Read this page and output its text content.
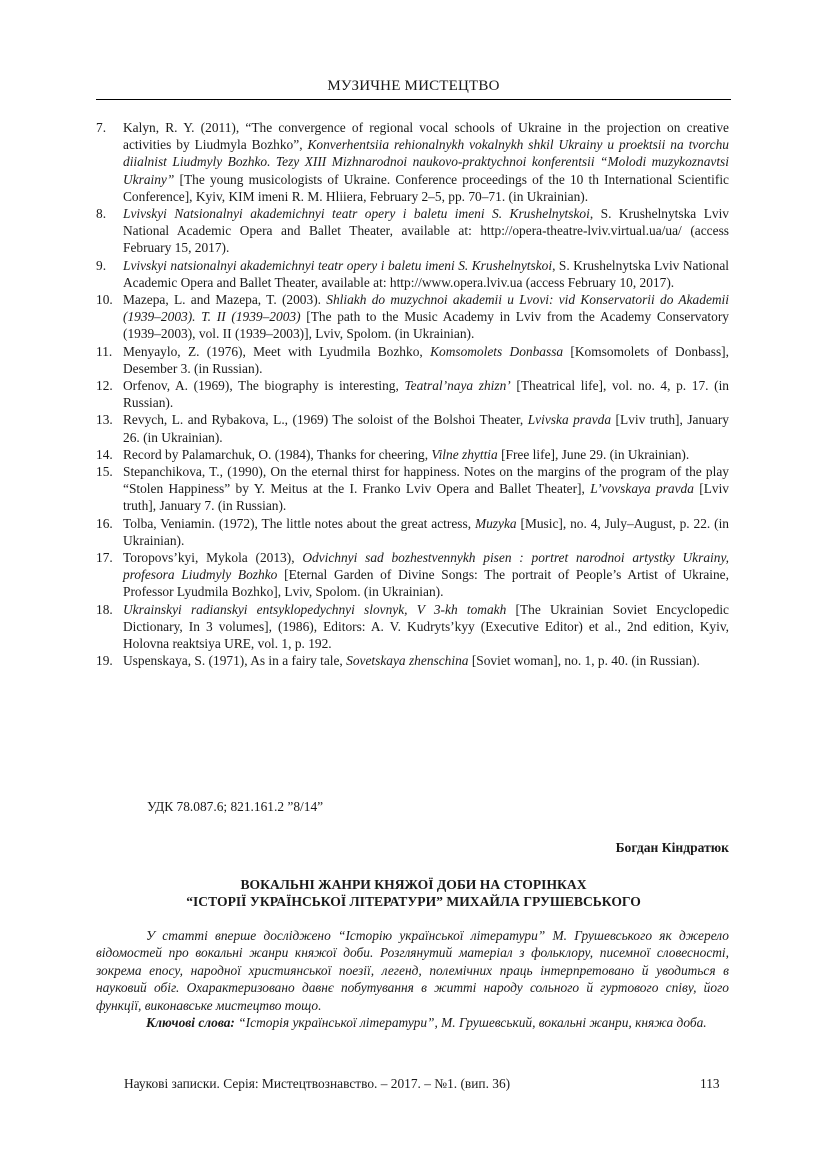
МУЗИЧНЕ МИСТЕЦТВО
7.	Kalyn, R. Y. (2011), “The convergence of regional vocal schools of Ukraine in the projection on creative activities by Liudmyla Bozhko”, Konverhentsiia rehionalnykh vokalnykh shkil Ukrainy u proektsii na tvorchu diialnist Liudmyly Bozhko. Tezy XIII Mizhnarodnoi naukovo-praktychnoi konferentsii “Molodi muzykoznavtsi Ukrainy” [The young musicologists of Ukraine. Conference proceedings of the 10 th International Scientific Conference], Kyiv, KIM imeni R. M. Hliiera, February 2–5, pp. 70–71. (in Ukrainian).
8.	Lvivskyi Natsionalnyi akademichnyi teatr opery i baletu imeni S. Krushelnytskoi, S. Krushelnytska Lviv National Academic Opera and Ballet Theater, available at: http://opera-theatre-lviv.virtual.ua/ua/ (access February 15, 2017).
9.	Lvivskyi natsionalnyi akademichnyi teatr opery i baletu imeni S. Krushelnytskoi, S. Krushelnytska Lviv National Academic Opera and Ballet Theater, available at: http://www.opera.lviv.ua (access February 10, 2017).
10. Mazepa, L. and Mazepa, T. (2003). Shliakh do muzychnoi akademii u Lvovi: vid Konservatorii do Akademii (1939–2003). T. II (1939–2003) [The path to the Music Academy in Lviv from the Academy Conservatory (1939–2003), vol. II (1939–2003)], Lviv, Spolom. (in Ukrainian).
11. Menyaylo, Z. (1976), Meet with Lyudmila Bozhko, Komsomolets Donbassa [Komsomolets of Donbass], Desember 3. (in Russian).
12. Orfenov, A. (1969), The biography is interesting, Teatral’naya zhizn’ [Theatrical life], vol. no. 4, p. 17. (in Russian).
13. Revych, L. and Rybakova, L., (1969) The soloist of the Bolshoi Theater, Lvivska pravda [Lviv truth], January 26. (in Ukrainian).
14. Record by Palamarchuk, O. (1984), Thanks for cheering, Vilne zhyttia [Free life], June 29. (in Ukrainian).
15. Stepanchikova, T., (1990), On the eternal thirst for happiness. Notes on the margins of the program of the play “Stolen Happiness” by Y. Meitus at the I. Franko Lviv Opera and Ballet Theater], L’vovskaya pravda [Lviv truth], January 7. (in Russian).
16. Tolba, Veniamin. (1972), The little notes about the great actress, Muzyka [Music], no. 4, July–August, p. 22. (in Ukrainian).
17. Toropovs’kyi, Mykola (2013), Odvichnyi sad bozhestvennykh pisen : portret narodnoi artystky Ukrainy, profesora Liudmyly Bozhko [Eternal Garden of Divine Songs: The portrait of People’s Artist of Ukraine, Professor Lyudmila Bozhko], Lviv, Spolom. (in Ukrainian).
18. Ukrainskyi radianskyi entsyklopedychnyi slovnyk, V 3-kh tomakh [The Ukrainian Soviet Encyclopedic Dictionary, In 3 volumes], (1986), Editors: A. V. Kudryts’kyy (Executive Editor) et al., 2nd edition, Kyiv, Holovna reaktsiya URE, vol. 1, p. 192.
19. Uspenskaya, S. (1971), As in a fairy tale, Sovetskaya zhenschina [Soviet woman], no. 1, p. 40. (in Russian).
УДК 78.087.6; 821.161.2 ”8/14”
Богдан Кіндратюк
ВОКАЛЬНІ ЖАНРИ КНЯЖОЇ ДОБИ НА СТОРІНКАХ
“ІСТОРІЇ УКРАЇНСЬКОЇ ЛІТЕРАТУРИ” МИХАЙЛА ГРУШЕВСЬКОГО

У статті вперше досліджено “Історію української літератури” М. Грушевського як джерело відомостей про вокальні жанри княжої доби. Розглянутий матеріал з фольклору, писемної словесності, зокрема епосу, народної християнської поезії, легенд, полемічних праць інтерпретовано й уводиться в науковий обіг. Охарактеризовано давнє побутування в житті народу сольного й гуртового співу, його функції, виконавське мистецтво тощо.

Ключові слова: “Історія української літератури”, М. Грушевський, вокальні жанри, княжа доба.

Наукові записки. Серія: Мистецтвознавство. – 2017. – №1. (вип. 36)	113
